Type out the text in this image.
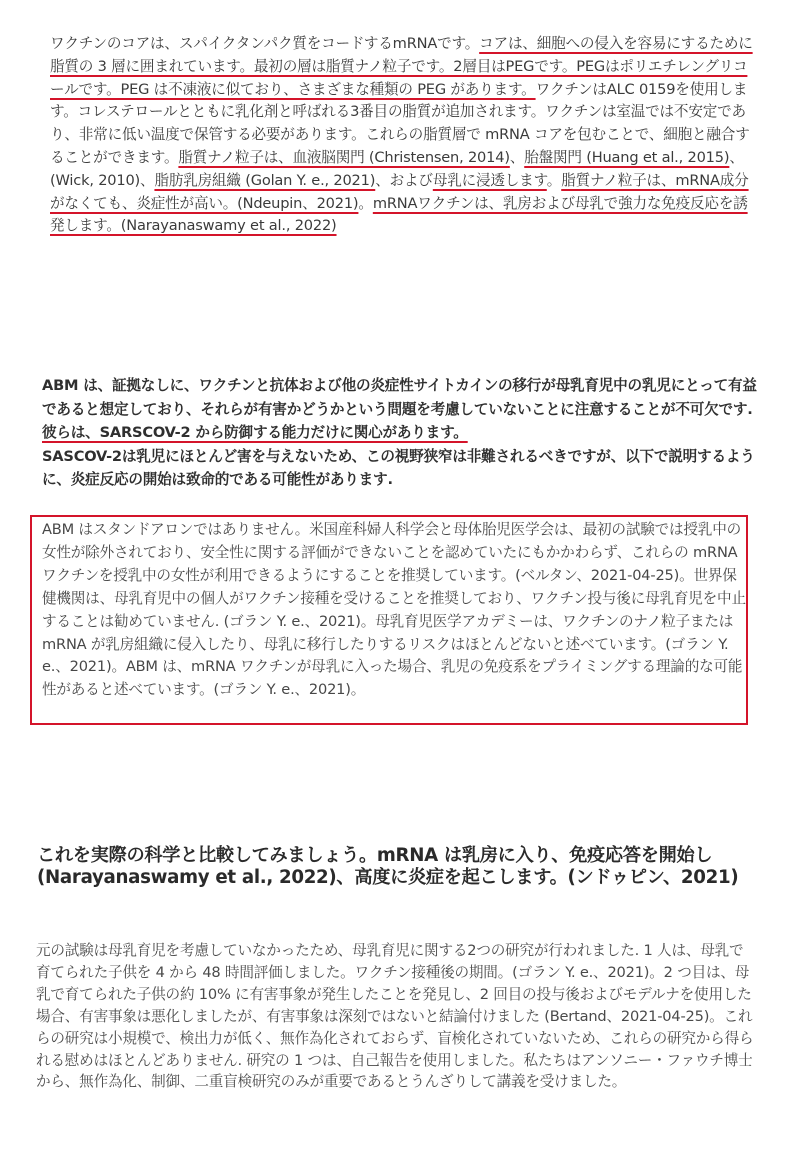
ワクチンのコアは、スパイクタンパク質をコードするmRNAです。コアは、細胞への侵入を容易にするために脂質の 3 層に囲まれています。最初の層は脂質ナノ粒子です。2層目はPEGです。PEGはポリエチレングリコールです。PEG は不凍液に似ており、さまざまな種類の PEG があります。ワクチンはALC 0159を使用します。コレステロールとともに乳化剤と呼ばれる3番目の脂質が追加されます。ワクチンは室温では不安定であり、非常に低い温度で保管する必要があります。これらの脂質層で mRNA コアを包むことで、細胞と融合することができます。脂質ナノ粒子は、血液脳関門 (Christensen, 2014)、胎盤関門 (Huang et al., 2015)、(Wick, 2010)、脂肪乳房組織 (Golan Y. e., 2021)、および母乳に浸透します。脂質ナノ粒子は、mRNA成分がなくても、炎症性が高い。(Ndeupin、2021)。mRNAワクチンは、乳房および母乳で強力な免疫反応を誘発します。(Narayanaswamy et al., 2022)
ABM は、証拠なしに、ワクチンと抗体および他の炎症性サイトカインの移行が母乳育児中の乳児にとって有益であると想定しており、それらが有害かどうかという問題を考慮していないことに注意することが不可欠です. 彼らは、SARSCOV-2 から防御する能力だけに関心があります。
SASCOV-2は乳児にほとんど害を与えないため、この視野狭窄は非難されるべきですが、以下で説明するように、炎症反応の開始は致命的である可能性があります.
ABM はスタンドアロンではありません。米国産科婦人科学会と母体胎児医学会は、最初の試験では授乳中の女性が除外されており、安全性に関する評価ができないことを認めていたにもかかわらず、これらの mRNA ワクチンを授乳中の女性が利用できるようにすることを推奨しています。(ベルタン、2021-04-25)。世界保健機関は、母乳育児中の個人がワクチン接種を受けることを推奨しており、ワクチン投与後に母乳育児を中止することは勧めていません. (ゴラン Y. e.、2021)。母乳育児医学アカデミーは、ワクチンのナノ粒子または mRNA が乳房組織に侵入したり、母乳に移行したりするリスクはほとんどないと述べています。(ゴラン Y. e.、2021)。ABM は、mRNA ワクチンが母乳に入った場合、乳児の免疫系をプライミングする理論的な可能性があると述べています。(ゴラン Y. e.、2021)。
これを実際の科学と比較してみましょう。mRNA は乳房に入り、免疫応答を開始し (Narayanaswamy et al., 2022)、高度に炎症を起こします。(ンドゥピン、2021)
元の試験は母乳育児を考慮していなかったため、母乳育児に関する2つの研究が行われました. 1 人は、母乳で育てられた子供を 4 から 48 時間評価しました。ワクチン接種後の期間。(ゴラン Y. e.、2021)。2 つ目は、母乳で育てられた子供の約 10% に有害事象が発生したことを発見し、2 回目の投与後およびモデルナを使用した場合、有害事象は悪化しましたが、有害事象は深刻ではないと結論付けました (Bertand、2021-04-25)。これらの研究は小規模で、検出力が低く、無作為化されておらず、盲検化されていないため、これらの研究から得られる慰めはほとんどありません. 研究の 1 つは、自己報告を使用しました。私たちはアンソニー・ファウチ博士から、無作為化、制御、二重盲検研究のみが重要であるとうんざりして講義を受けました。
